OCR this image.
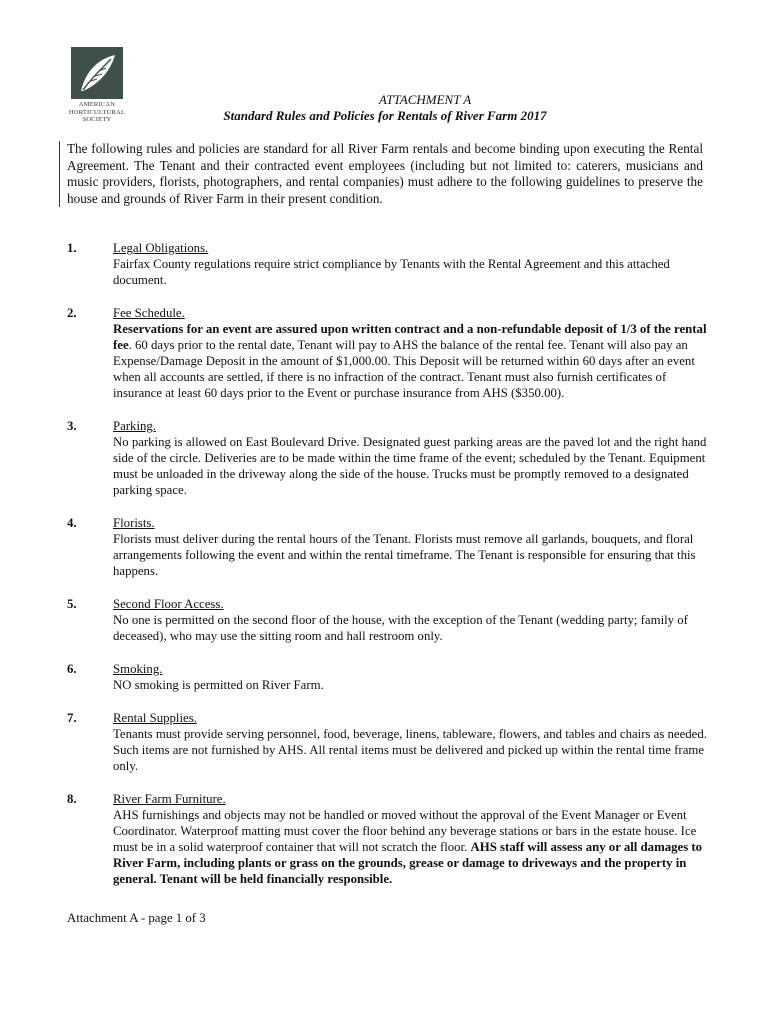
AMERICAN
HORTICULTURAL
SOCIETY
ATTACHMENT A
Standard Rules and Policies for Rentals of River Farm 2017
The following rules and policies are standard for all River Farm rentals and become binding upon executing the Rental Agreement. The Tenant and their contracted event employees (including but not limited to: caterers, musicians and music providers, florists, photographers, and rental companies) must adhere to the following guidelines to preserve the house and grounds of River Farm in their present condition.
1.	Legal Obligations.

Fairfax County regulations require strict compliance by Tenants with the Rental Agreement and this attached document.

2.	Fee Schedule.

Reservations for an event are assured upon written contract and a non-refundable deposit of 1/3 of the rental fee. 60 days prior to the rental date, Tenant will pay to AHS the balance of the rental fee. Tenant will also pay an Expense/Damage Deposit in the amount of $1,000.00. This Deposit will be returned within 60 days after an event when all accounts are settled, if there is no infraction of the contract. Tenant must also furnish certificates of insurance at least 60 days prior to the Event or purchase insurance from AHS ($350.00).

3.	Parking.

No parking is allowed on East Boulevard Drive. Designated guest parking areas are the paved lot and the right hand side of the circle. Deliveries are to be made within the time frame of the event; scheduled by the Tenant. Equipment must be unloaded in the driveway along the side of the house. Trucks must be promptly removed to a designated parking space.

4.	Florists.

Florists must deliver during the rental hours of the Tenant. Florists must remove all garlands, bouquets, and floral arrangements following the event and within the rental timeframe. The Tenant is responsible for ensuring that this happens.

5.	Second Floor Access.

No one is permitted on the second floor of the house, with the exception of the Tenant (wedding party; family of deceased), who may use the sitting room and hall restroom only.

6.	Smoking.

NO smoking is permitted on River Farm.

7.	Rental Supplies.

Tenants must provide serving personnel, food, beverage, linens, tableware, flowers, and tables and chairs as needed. Such items are not furnished by AHS. All rental items must be delivered and picked up within the rental time frame only.

8.	River Farm Furniture.

AHS furnishings and objects may not be handled or moved without the approval of the Event Manager or Event Coordinator. Waterproof matting must cover the floor behind any beverage stations or bars in the estate house. Ice must be in a solid waterproof container that will not scratch the floor. AHS staff will assess any or all damages to River Farm, including plants or grass on the grounds, grease or damage to driveways and the property in general. Tenant will be held financially responsible.

Attachment A - page 1 of 3
